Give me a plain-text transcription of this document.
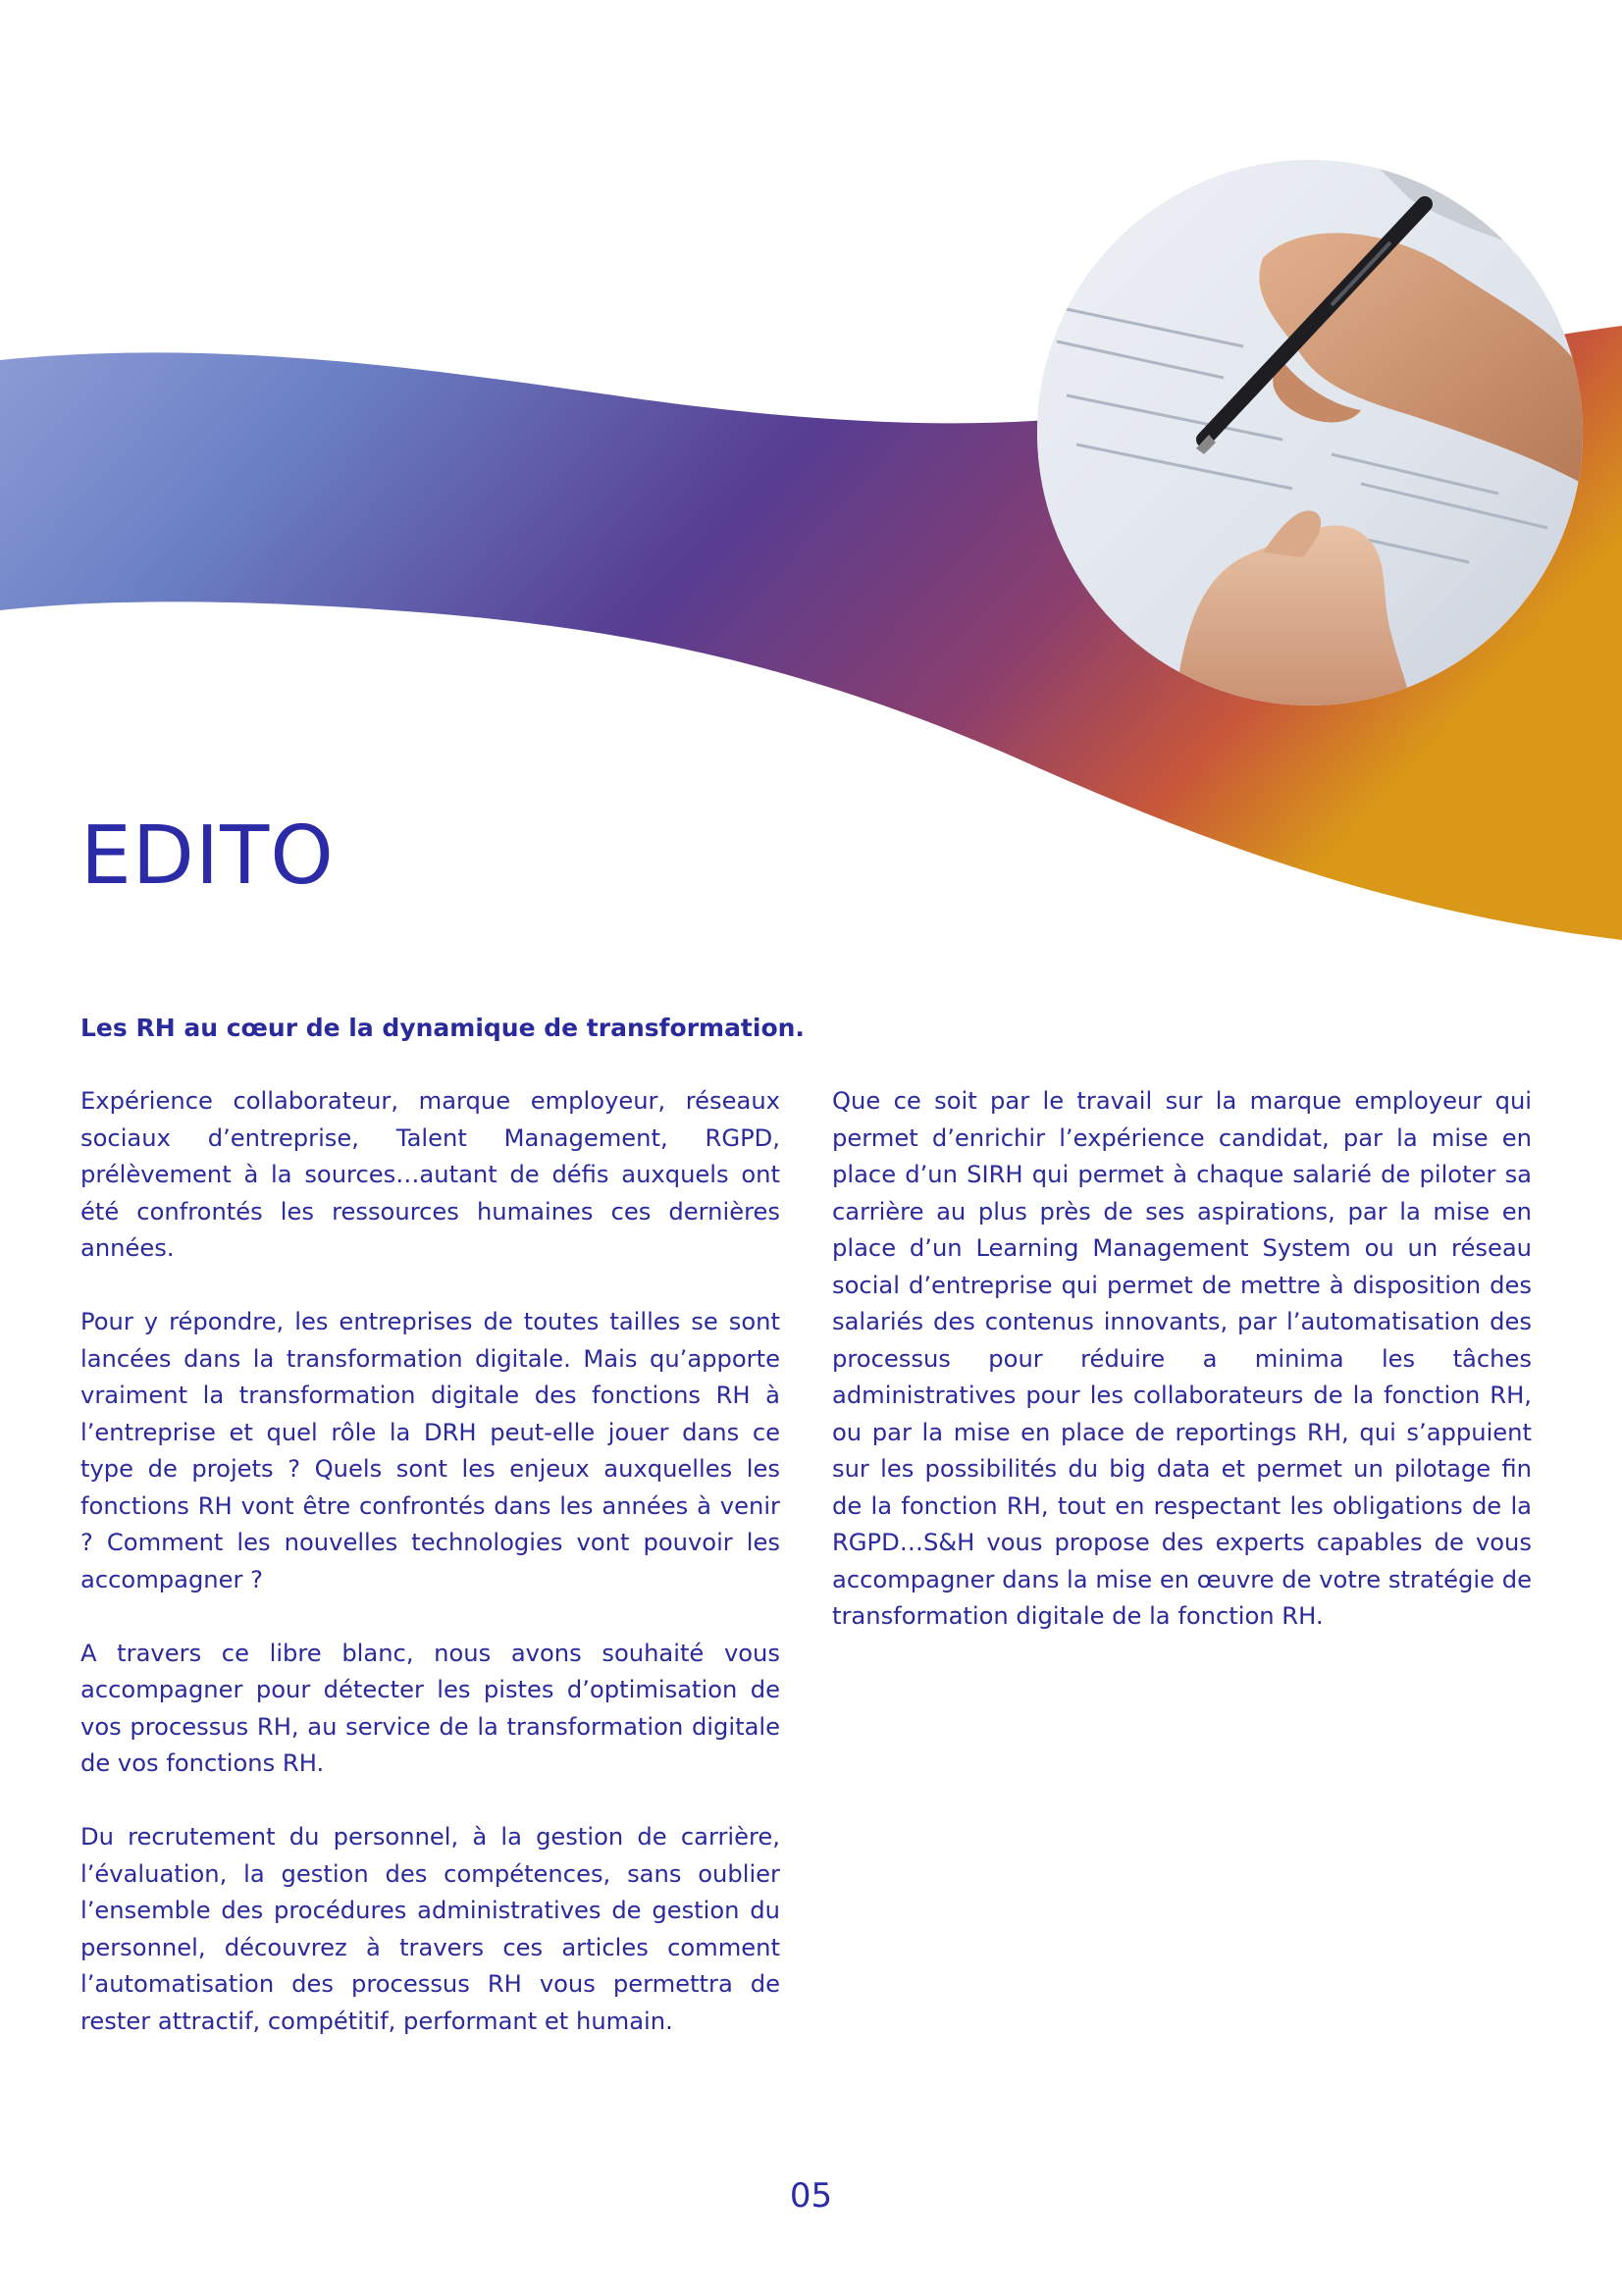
EDITO

Les RH au cœur de la dynamique de transformation.

Expérience collaborateur, marque employeur, réseaux sociaux d’entreprise, Talent Management, RGPD, prélèvement à la sources…autant de défis auxquels ont été confrontés les ressources humaines ces dernières années.

Pour y répondre, les entreprises de toutes tailles se sont lancées dans la transformation digitale. Mais qu’apporte vraiment la transformation digitale des fonctions RH à l’entreprise et quel rôle la DRH peut-elle jouer dans ce type de projets ? Quels sont les enjeux auxquelles les fonctions RH vont être confrontés dans les années à venir ? Comment les nouvelles technologies vont pouvoir les accompagner ?

A travers ce libre blanc, nous avons souhaité vous accompagner pour détecter les pistes d’optimisation de vos processus RH, au service de la transformation digitale de vos fonctions RH.

Du recrutement du personnel, à la gestion de carrière, l’évaluation, la gestion des compétences, sans oublier l’ensemble des procédures administratives de gestion du personnel, découvrez à travers ces articles comment l’automatisation des processus RH vous permettra de rester attractif, compétitif, performant et humain.

Que ce soit par le travail sur la marque employeur qui permet d’enrichir l’expérience candidat, par la mise en place d’un SIRH qui permet à chaque salarié de piloter sa carrière au plus près de ses aspirations, par la mise en place d’un Learning Management System ou un réseau social d’entreprise qui permet de mettre à disposition des salariés des contenus innovants, par l’automatisation des processus pour réduire a minima les tâches administratives pour les collaborateurs de la fonction RH, ou par la mise en place de reportings RH, qui s’appuient sur les possibilités du big data et permet un pilotage fin de la fonction RH, tout en respectant les obligations de la RGPD…S&H vous propose des experts capables de vous accompagner dans la mise en œuvre de votre stratégie de transformation digitale de la fonction RH.

05
